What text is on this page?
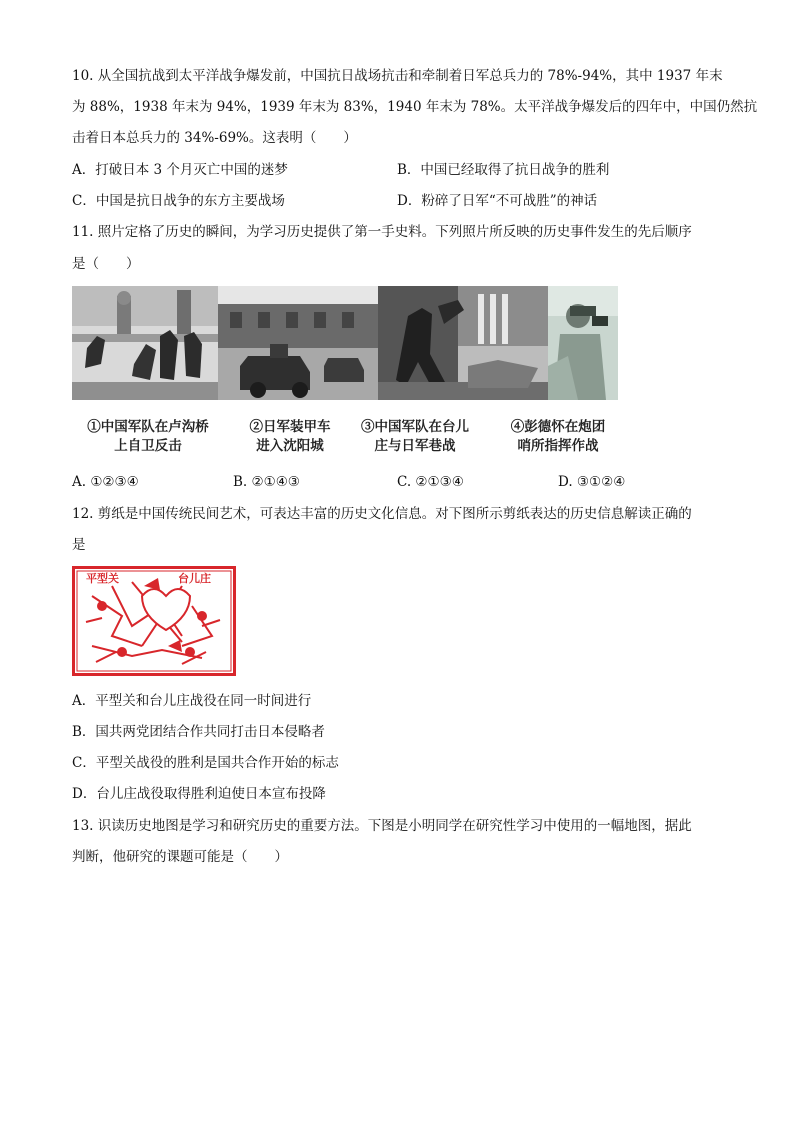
10. 从全国抗战到太平洋战争爆发前，中国抗日战场抗击和牵制着日军总兵力的 78%-94%，其中 1937 年末
为 88%，1938 年末为 94%，1939 年末为 83%，1940 年末为 78%。太平洋战争爆发后的四年中，中国仍然抗
击着日本总兵力的 34%-69%。这表明（　　）
A．打破日本 3 个月灭亡中国的迷梦	B．中国已经取得了抗日战争的胜利
C．中国是抗日战争的东方主要战场	D．粉碎了日军“不可战胜”的神话
11. 照片定格了历史的瞬间，为学习历史提供了第一手史料。下列照片所反映的历史事件发生的先后顺序
是（　　）
①中国军队在卢沟桥
上自卫反击
②日军装甲车
进入沈阳城
③中国军队在台儿
庄与日军巷战
④彭德怀在炮团
哨所指挥作战
A. ①②③④	B. ②①④③	C. ②①③④	D. ③①②④
12. 剪纸是中国传统民间艺术，可表达丰富的历史文化信息。对下图所示剪纸表达的历史信息解读正确的
是
平型关	台儿庄
A．平型关和台儿庄战役在同一时间进行
B．国共两党团结合作共同打击日本侵略者
C．平型关战役的胜利是国共合作开始的标志
D．台儿庄战役取得胜利迫使日本宣布投降
13. 识读历史地图是学习和研究历史的重要方法。下图是小明同学在研究性学习中使用的一幅地图，据此
判断，他研究的课题可能是（　　）
